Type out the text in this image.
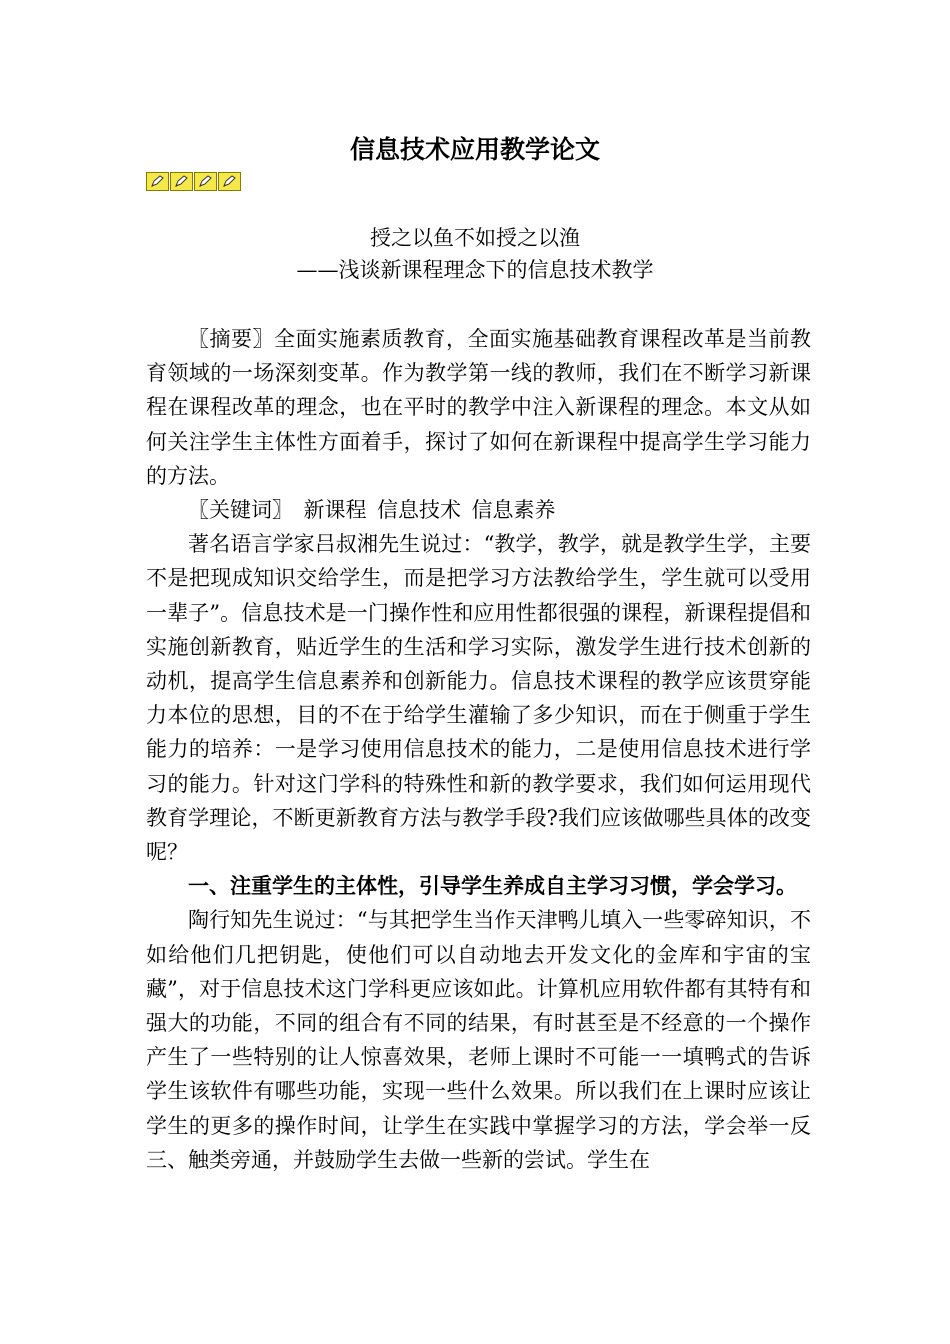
信息技术应用教学论文
授之以鱼不如授之以渔
——浅谈新课程理念下的信息技术教学

〖摘要〗全面实施素质教育，全面实施基础教育课程改革是当前教育领域的一场深刻变革。作为教学第一线的教师，我们在不断学习新课程在课程改革的理念，也在平时的教学中注入新课程的理念。本文从如何关注学生主体性方面着手，探讨了如何在新课程中提高学生学习能力的方法。

〖关键词〗 新课程 信息技术 信息素养

著名语言学家吕叔湘先生说过：“教学，教学，就是教学生学，主要不是把现成知识交给学生，而是把学习方法教给学生，学生就可以受用一辈子”。信息技术是一门操作性和应用性都很强的课程，新课程提倡和实施创新教育，贴近学生的生活和学习实际，激发学生进行技术创新的动机，提高学生信息素养和创新能力。信息技术课程的教学应该贯穿能力本位的思想，目的不在于给学生灌输了多少知识，而在于侧重于学生能力的培养：一是学习使用信息技术的能力，二是使用信息技术进行学习的能力。针对这门学科的特殊性和新的教学要求，我们如何运用现代教育学理论，不断更新教育方法与教学手段?我们应该做哪些具体的改变呢？

一、注重学生的主体性，引导学生养成自主学习习惯，学会学习。

陶行知先生说过：“与其把学生当作天津鸭儿填入一些零碎知识，不如给他们几把钥匙，使他们可以自动地去开发文化的金库和宇宙的宝藏”，对于信息技术这门学科更应该如此。计算机应用软件都有其特有和强大的功能，不同的组合有不同的结果，有时甚至是不经意的一个操作产生了一些特别的让人惊喜效果，老师上课时不可能一一填鸭式的告诉学生该软件有哪些功能，实现一些什么效果。所以我们在上课时应该让学生的更多的操作时间，让学生在实践中掌握学习的方法，学会举一反三、触类旁通，并鼓励学生去做一些新的尝试。学生在
